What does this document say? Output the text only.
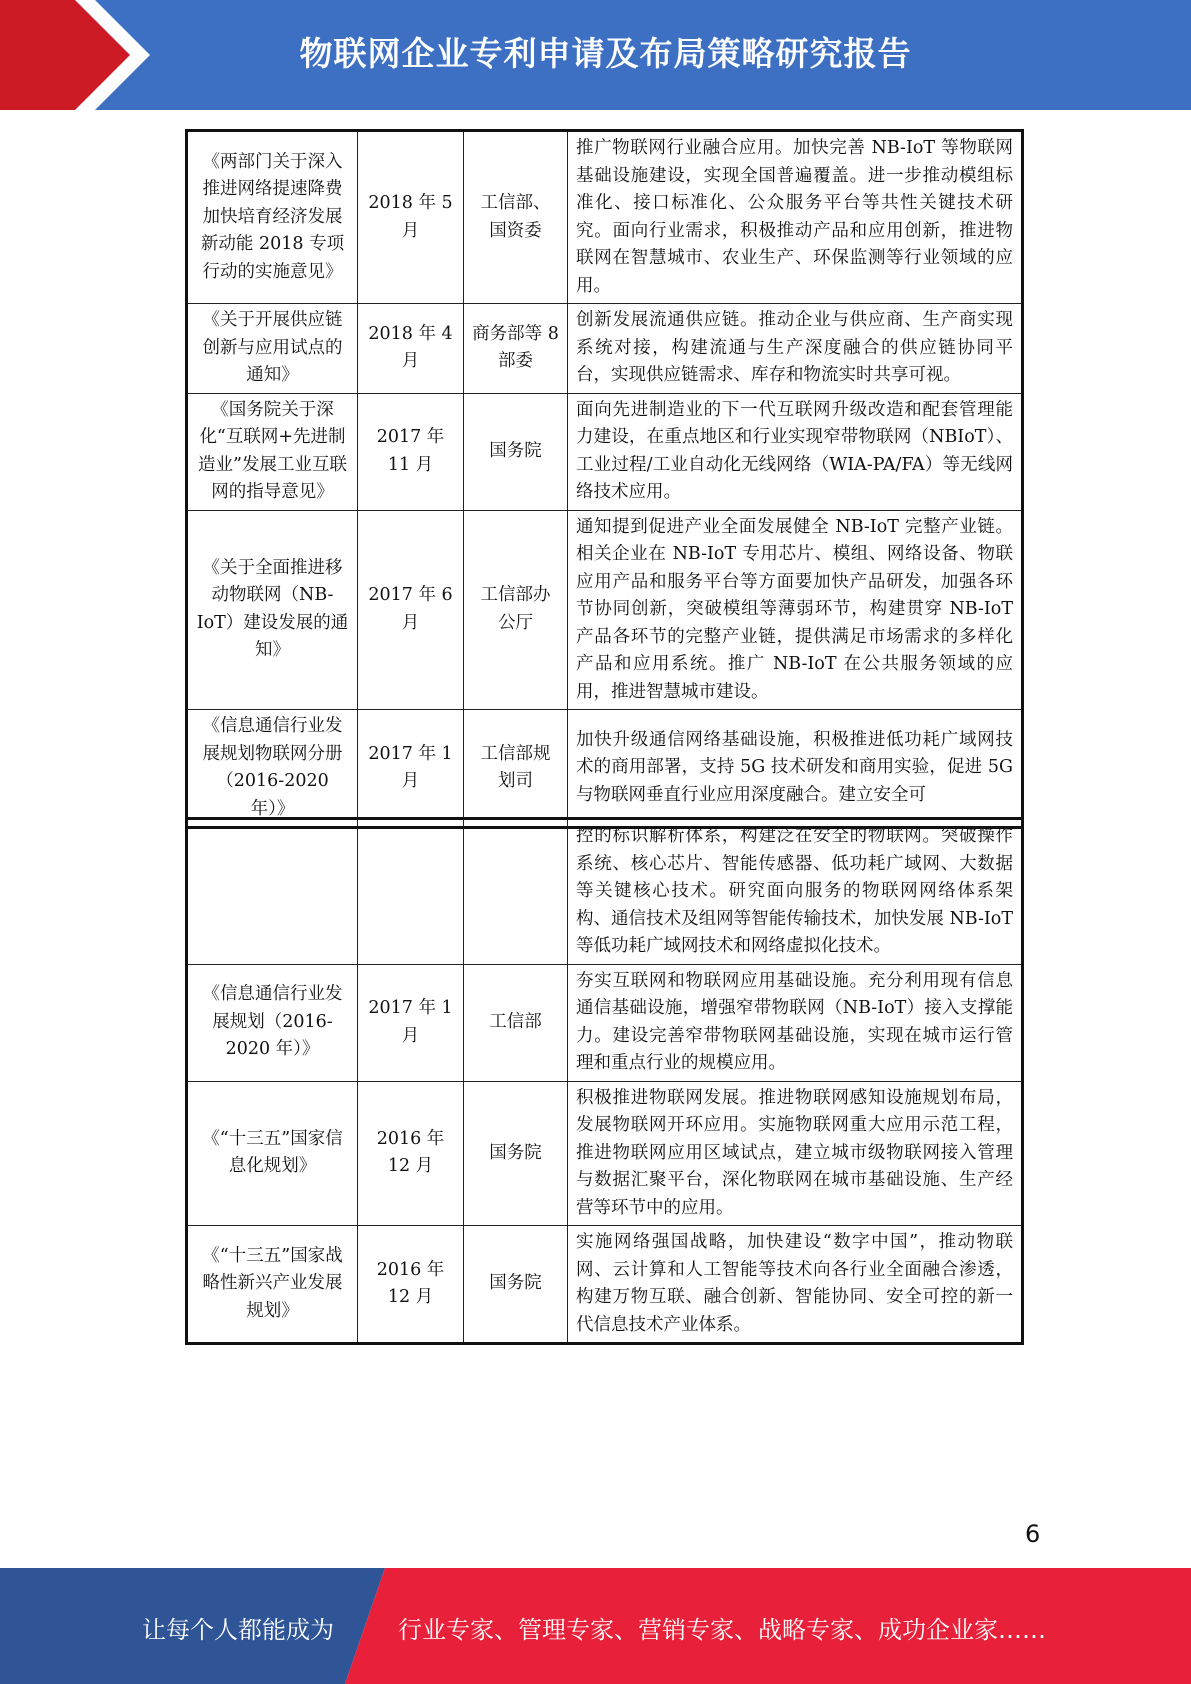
物联网企业专利申请及布局策略研究报告
《两部门关于深入推进网络提速降费加快培育经济发展新动能 2018 专项行动的实施意见》	2018 年 5 月	工信部、国资委	推广物联网行业融合应用。加快完善 NB-IoT 等物联网基础设施建设，实现全国普遍覆盖。进一步推动模组标准化、接口标准化、公众服务平台等共性关键技术研究。面向行业需求，积极推动产品和应用创新，推进物联网在智慧城市、农业生产、环保监测等行业领域的应用。
《关于开展供应链创新与应用试点的通知》	2018 年 4 月	商务部等 8 部委	创新发展流通供应链。推动企业与供应商、生产商实现系统对接，构建流通与生产深度融合的供应链协同平台，实现供应链需求、库存和物流实时共享可视。
《国务院关于深化“互联网+先进制造业”发展工业互联网的指导意见》	2017 年 11 月	国务院	面向先进制造业的下一代互联网升级改造和配套管理能力建设，在重点地区和行业实现窄带物联网（NBIoT）、工业过程/工业自动化无线网络（WIA-PA/FA）等无线网络技术应用。
《关于全面推进移动物联网（NB-IoT）建设发展的通知》	2017 年 6 月	工信部办公厅	通知提到促进产业全面发展健全 NB-IoT 完整产业链。相关企业在 NB-IoT 专用芯片、模组、网络设备、物联应用产品和服务平台等方面要加快产品研发，加强各环节协同创新，突破模组等薄弱环节，构建贯穿 NB-IoT 产品各环节的完整产业链，提供满足市场需求的多样化产品和应用系统。推广 NB-IoT 在公共服务领域的应用，推进智慧城市建设。
《信息通信行业发展规划物联网分册（2016-2020 年）》	2017 年 1 月	工信部规划司	加快升级通信网络基础设施，积极推进低功耗广域网技术的商用部署，支持 5G 技术研发和商用实验，促进 5G 与物联网垂直行业应用深度融合。建立安全可
			控的标识解析体系，构建泛在安全的物联网。突破操作系统、核心芯片、智能传感器、低功耗广域网、大数据等关键核心技术。研究面向服务的物联网网络体系架构、通信技术及组网等智能传输技术，加快发展 NB-IoT 等低功耗广域网技术和网络虚拟化技术。
《信息通信行业发展规划（2016-2020 年）》	2017 年 1 月	工信部	夯实互联网和物联网应用基础设施。充分利用现有信息通信基础设施，增强窄带物联网（NB-IoT）接入支撑能力。建设完善窄带物联网基础设施，实现在城市运行管理和重点行业的规模应用。
《“十三五”国家信息化规划》	2016 年 12 月	国务院	积极推进物联网发展。推进物联网感知设施规划布局，发展物联网开环应用。实施物联网重大应用示范工程，推进物联网应用区域试点，建立城市级物联网接入管理与数据汇聚平台，深化物联网在城市基础设施、生产经营等环节中的应用。
《“十三五”国家战略性新兴产业发展规划》	2016 年 12 月	国务院	实施网络强国战略，加快建设“数字中国”，推动物联网、云计算和人工智能等技术向各行业全面融合渗透，构建万物互联、融合创新、智能协同、安全可控的新一代信息技术产业体系。
6
让每个人都能成为	行业专家、管理专家、营销专家、战略专家、成功企业家……
